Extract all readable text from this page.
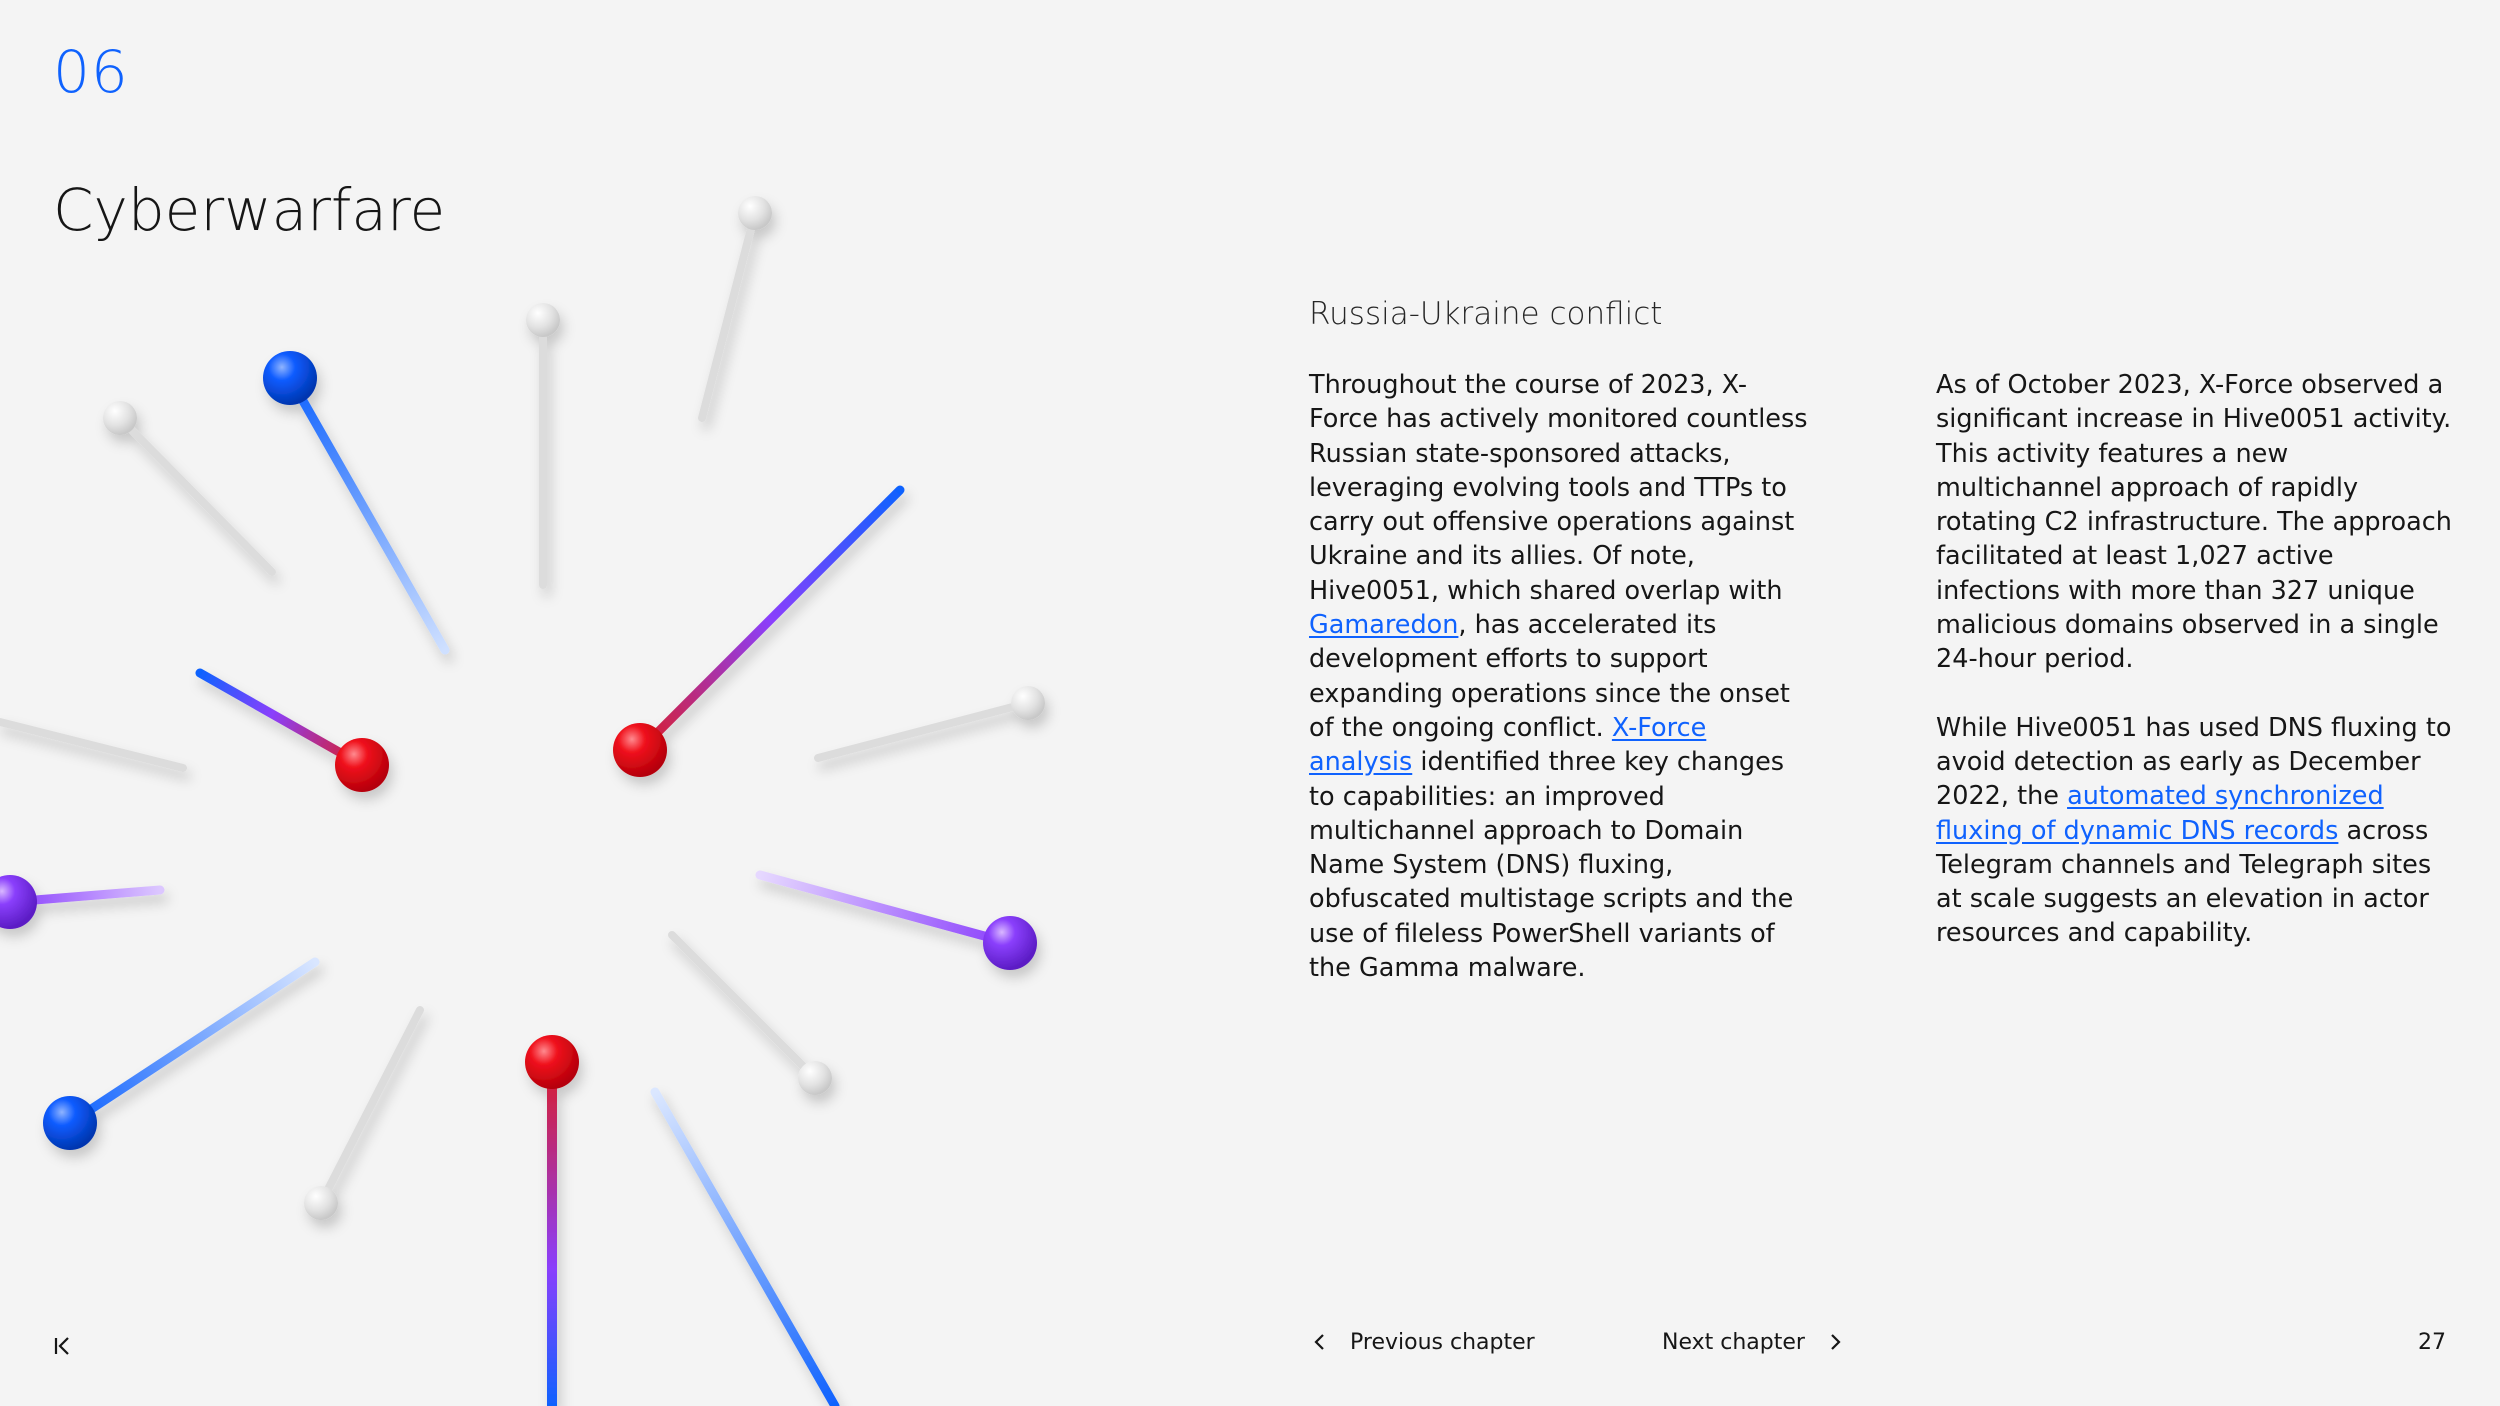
06
Cyberwarfare
Russia-Ukraine conflict

Throughout the course of 2023, X-Force has actively monitored countless Russian state-sponsored attacks, leveraging evolving tools and TTPs to carry out offensive operations against Ukraine and its allies. Of note, Hive0051, which shared overlap with Gamaredon, has accelerated its development efforts to support expanding operations since the onset of the ongoing conflict. X-Force analysis identified three key changes to capabilities: an improved multichannel approach to Domain Name System (DNS) fluxing, obfuscated multistage scripts and the use of fileless PowerShell variants of the Gamma malware.

As of October 2023, X-Force observed a significant increase in Hive0051 activity. This activity features a new multichannel approach of rapidly rotating C2 infrastructure. The approach facilitated at least 1,027 active infections with more than 327 unique malicious domains observed in a single 24-hour period.

While Hive0051 has used DNS fluxing to avoid detection as early as December 2022, the automated synchronized fluxing of dynamic DNS records across Telegram channels and Telegraph sites at scale suggests an elevation in actor resources and capability.

Previous chapter	Next chapter	27
